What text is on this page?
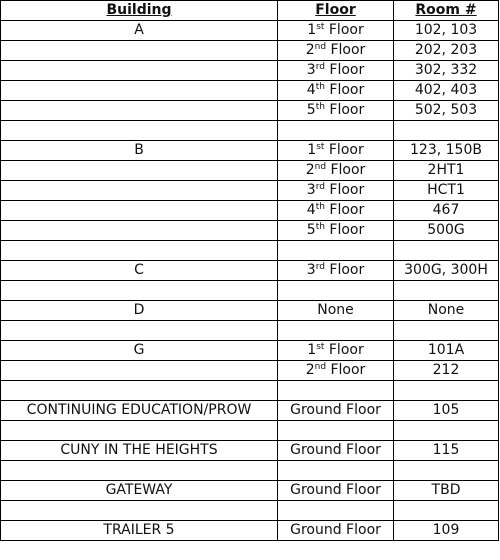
Building	Floor	Room #
A	1st Floor	102, 103
	2nd Floor	202, 203
	3rd Floor	302, 332
	4th Floor	402, 403
	5th Floor	502, 503

B	1st Floor	123, 150B
	2nd Floor	2HT1
	3rd Floor	HCT1
	4th Floor	467
	5th Floor	500G

C	3rd Floor	300G, 300H

D	None	None

G	1st Floor	101A
	2nd Floor	212

CONTINUING EDUCATION/PROW	Ground Floor	105

CUNY IN THE HEIGHTS	Ground Floor	115

GATEWAY	Ground Floor	TBD

TRAILER 5	Ground Floor	109
